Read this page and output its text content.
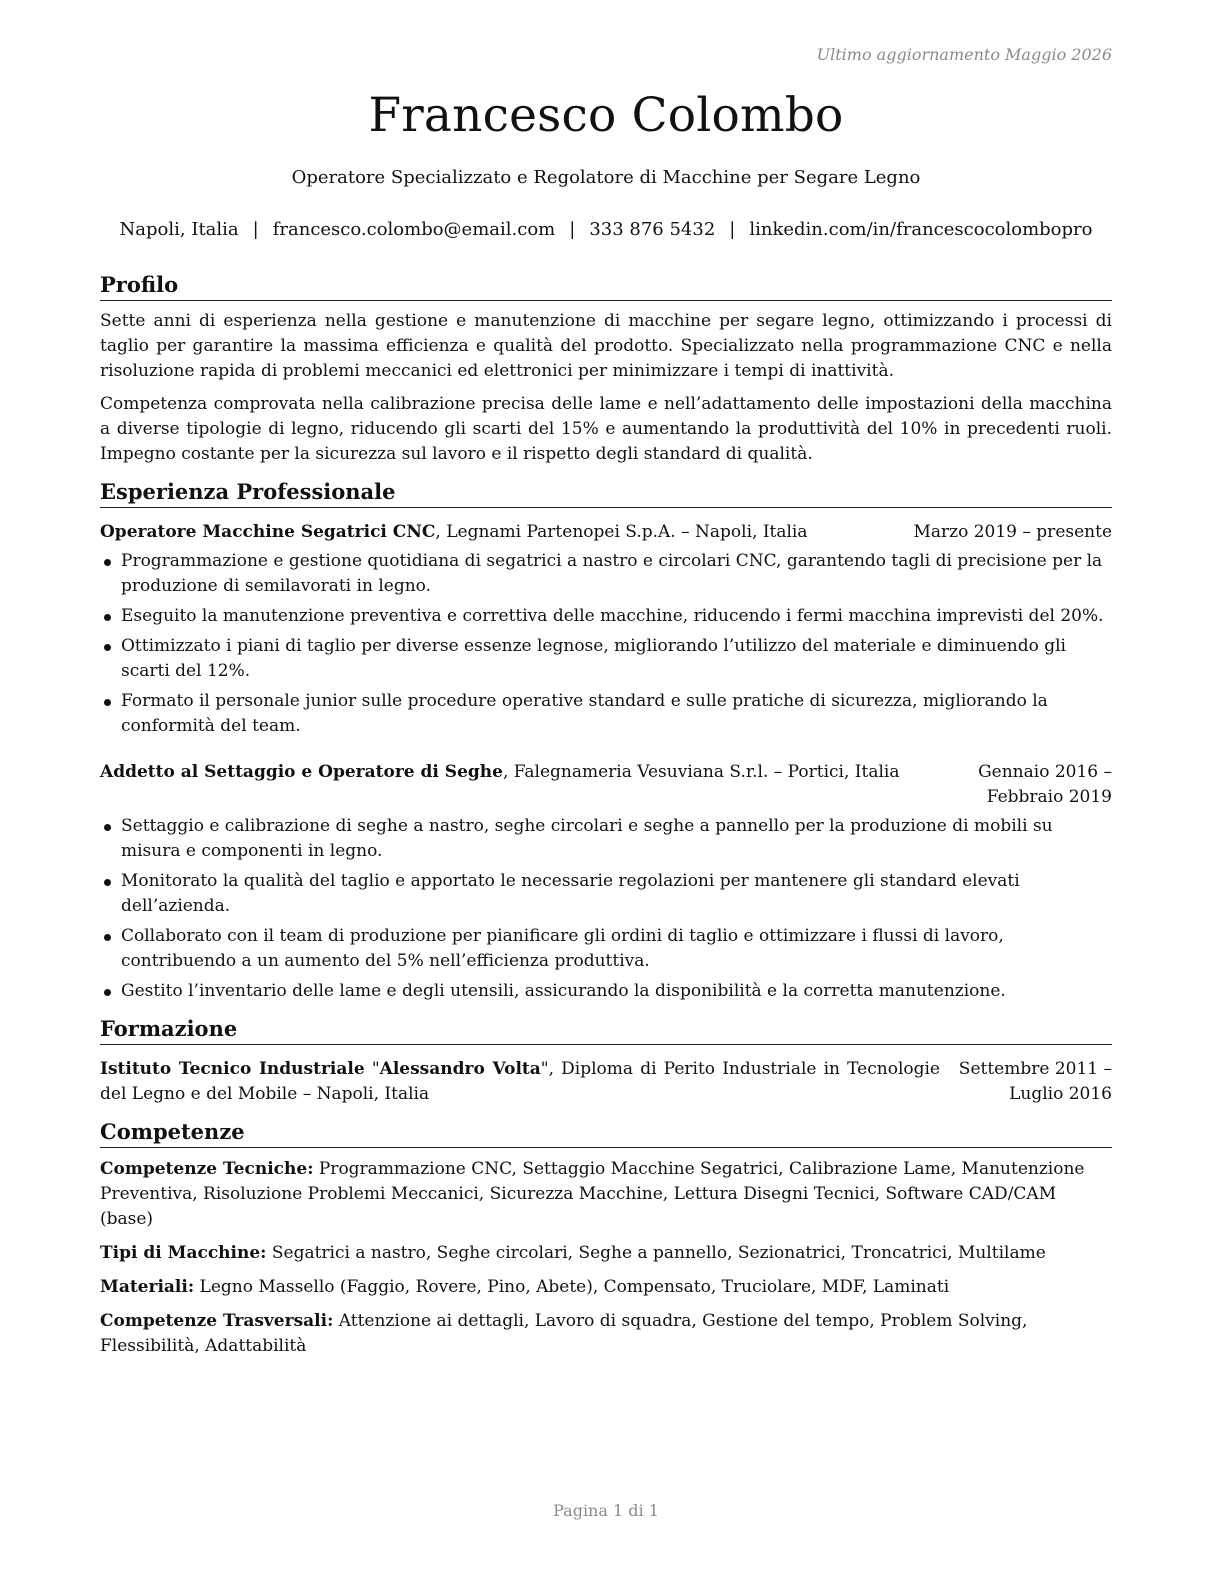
Ultimo aggiornamento Maggio 2026
Francesco Colombo
Operatore Specializzato e Regolatore di Macchine per Segare Legno
Napoli, Italia | francesco.colombo@email.com | 333 876 5432 | linkedin.com/in/francescocolombopro
Profilo

Sette anni di esperienza nella gestione e manutenzione di macchine per segare legno, ottimizzando i processi di taglio per garantire la massima efficienza e qualità del prodotto. Specializzato nella programmazione CNC e nella risoluzione rapida di problemi meccanici ed elettronici per minimizzare i tempi di inattività.

Competenza comprovata nella calibrazione precisa delle lame e nell’adattamento delle impostazioni della macchina a diverse tipologie di legno, riducendo gli scarti del 15% e aumentando la produttività del 10% in precedenti ruoli. Impegno costante per la sicurezza sul lavoro e il rispetto degli standard di qualità.

Esperienza Professionale
Operatore Macchine Segatrici CNC, Legnami Partenopei S.p.A. – Napoli, Italia	Marzo 2019 – presente
Programmazione e gestione quotidiana di segatrici a nastro e circolari CNC, garantendo tagli di precisione per la produzione di semilavorati in legno.
Eseguito la manutenzione preventiva e correttiva delle macchine, riducendo i fermi macchina imprevisti del 20%.
Ottimizzato i piani di taglio per diverse essenze legnose, migliorando l’utilizzo del materiale e diminuendo gli scarti del 12%.
Formato il personale junior sulle procedure operative standard e sulle pratiche di sicurezza, migliorando la conformità del team.
Addetto al Settaggio e Operatore di Seghe, Falegnameria Vesuviana S.r.l. – Portici, Italia	Gennaio 2016 – Febbraio 2019
Settaggio e calibrazione di seghe a nastro, seghe circolari e seghe a pannello per la produzione di mobili su misura e componenti in legno.
Monitorato la qualità del taglio e apportato le necessarie regolazioni per mantenere gli standard elevati dell’azienda.
Collaborato con il team di produzione per pianificare gli ordini di taglio e ottimizzare i flussi di lavoro, contribuendo a un aumento del 5% nell’efficienza produttiva.
Gestito l’inventario delle lame e degli utensili, assicurando la disponibilità e la corretta manutenzione.
Formazione
Istituto Tecnico Industriale "Alessandro Volta", Diploma di Perito Industriale in Tecnologie del Legno e del Mobile – Napoli, Italia
Settembre 2011 – Luglio 2016
Competenze
Competenze Tecniche: Programmazione CNC, Settaggio Macchine Segatrici, Calibrazione Lame, Manutenzione Preventiva, Risoluzione Problemi Meccanici, Sicurezza Macchine, Lettura Disegni Tecnici, Software CAD/CAM (base)
Tipi di Macchine: Segatrici a nastro, Seghe circolari, Seghe a pannello, Sezionatrici, Troncatrici, Multilame
Materiali: Legno Massello (Faggio, Rovere, Pino, Abete), Compensato, Truciolare, MDF, Laminati
Competenze Trasversali: Attenzione ai dettagli, Lavoro di squadra, Gestione del tempo, Problem Solving, Flessibilità, Adattabilità
Pagina 1 di 1
